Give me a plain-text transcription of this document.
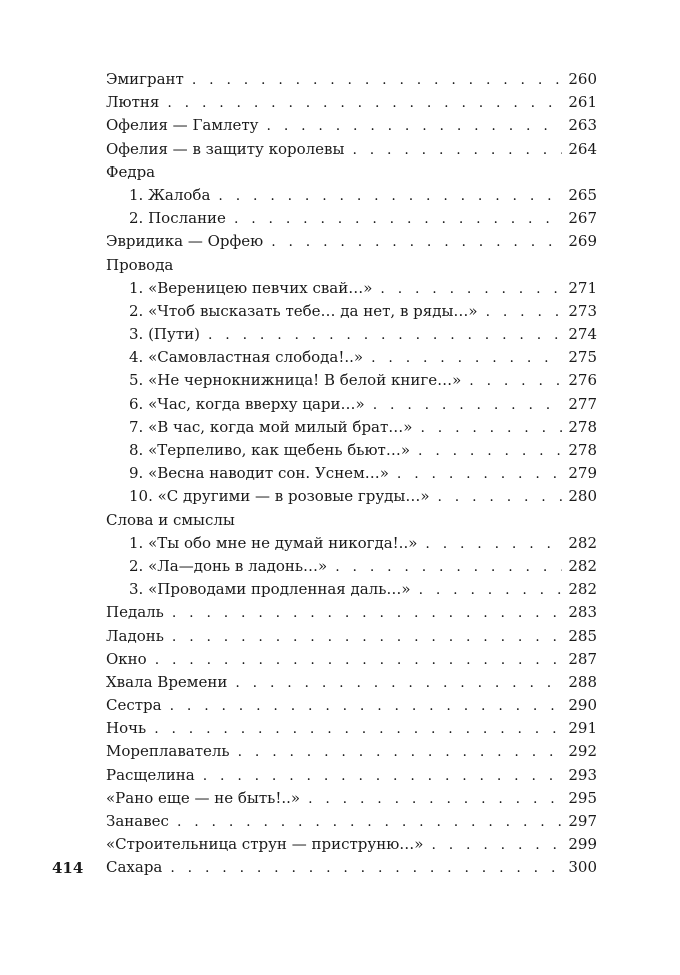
414
Эмигрант . . .	260
Лютня . . .	261
Офелия — Гамлету . . .	263
Офелия — в защиту королевы . . .	264
Федра
1. Жалоба . . .	265
2. Послание . . .	267
Эвридика — Орфею . . .	269
Провода
1. «Вереницею певчих свай…» . . .	271
2. «Чтоб высказать тебе… да нет, в ряды…» . . .	273
3. (Пути) . . .	274
4. «Самовластная слобода!..» . . .	275
5. «Не чернокнижница! В белой книге…» . . .	276
6. «Час, когда вверху цари…» . . .	277
7. «В час, когда мой милый брат…» . . .	278
8. «Терпеливо, как щебень бьют…» . . .	278
9. «Весна наводит сон. Уснем…» . . .	279
10. «С другими — в розовые груды…» . . .	280
Слова и смыслы
1. «Ты обо мне не думай никогда!..» . . .	282
2. «Ла—донь в ладонь…» . . .	282
3. «Проводами продленная даль…» . . .	282
Педаль . . .	283
Ладонь . . .	285
Окно . . .	287
Хвала Времени . . .	288
Сестра . . .	290
Ночь . . .	291
Мореплаватель . . .	292
Расщелина . . .	293
«Рано еще — не быть!..» . . .	295
Занавес . . .	297
«Строительница струн — приструню…» . . .	299
Сахара . . .	300
